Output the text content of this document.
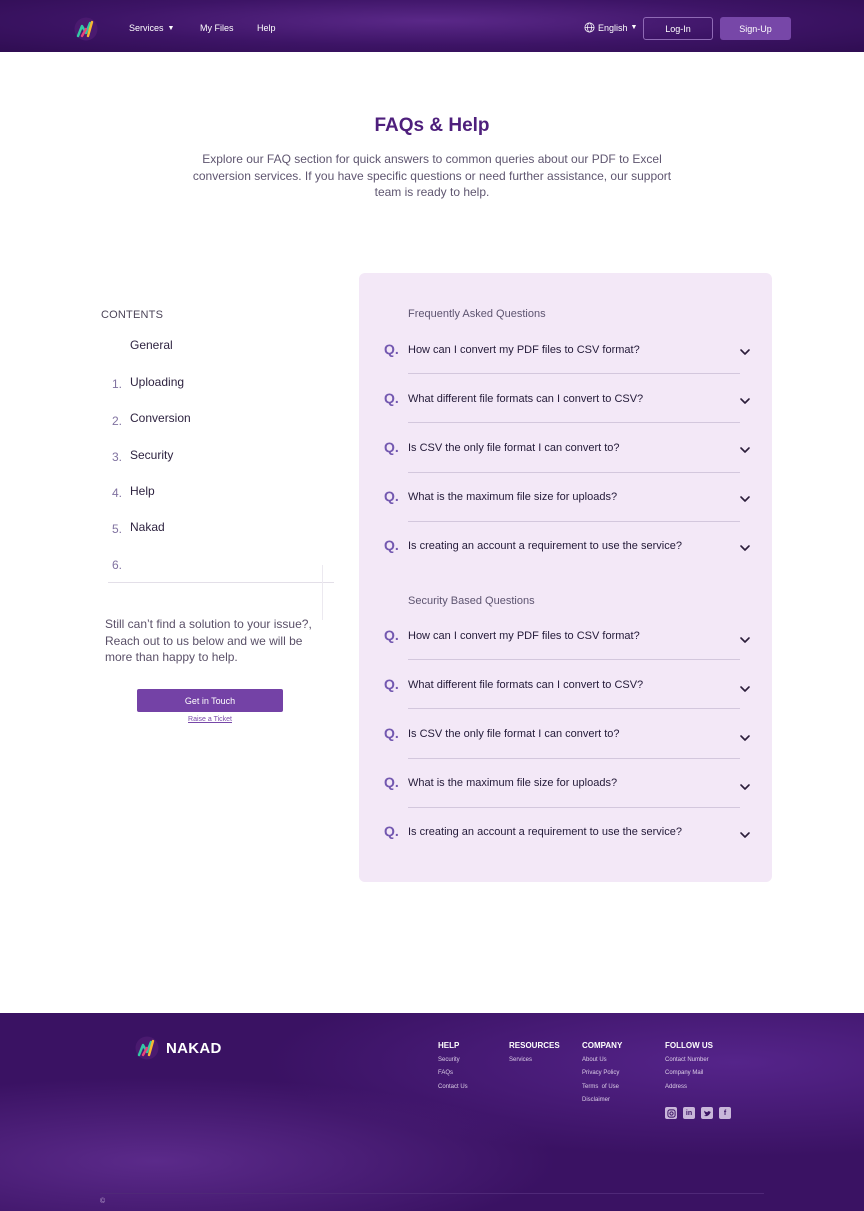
Services ▼	My Files	Help	English ▼	Log-In	Sign-Up
FAQs & Help

Explore our FAQ section for quick answers to common queries about our PDF to Excel conversion services. If you have specific questions or need further assistance, our support team is ready to help.

CONTENTS
General
1. Uploading
2. Conversion
3. Security
4. Help
5. Nakad
6.

Still can’t find a solution to your issue?, Reach out to us below and we will be more than happy to help.

Get in Touch
Raise a Ticket
Frequently Asked Questions
Q. How can I convert my PDF files to CSV format?
Q. What different file formats can I convert to CSV?
Q. Is CSV the only file format I can convert to?
Q. What is the maximum file size for uploads?
Q. Is creating an account a requirement to use the service?
Security Based Questions
Q. How can I convert my PDF files to CSV format?
Q. What different file formats can I convert to CSV?
Q. Is CSV the only file format I can convert to?
Q. What is the maximum file size for uploads?
Q. Is creating an account a requirement to use the service?
NAKAD	HELP
Security
FAQs
Contact Us
RESOURCES
Services
COMPANY
About Us
Privacy Policy
Terms  of Use
Disclaimer
FOLLOW US
Contact Number
Company Mail
Address
in	f
©
